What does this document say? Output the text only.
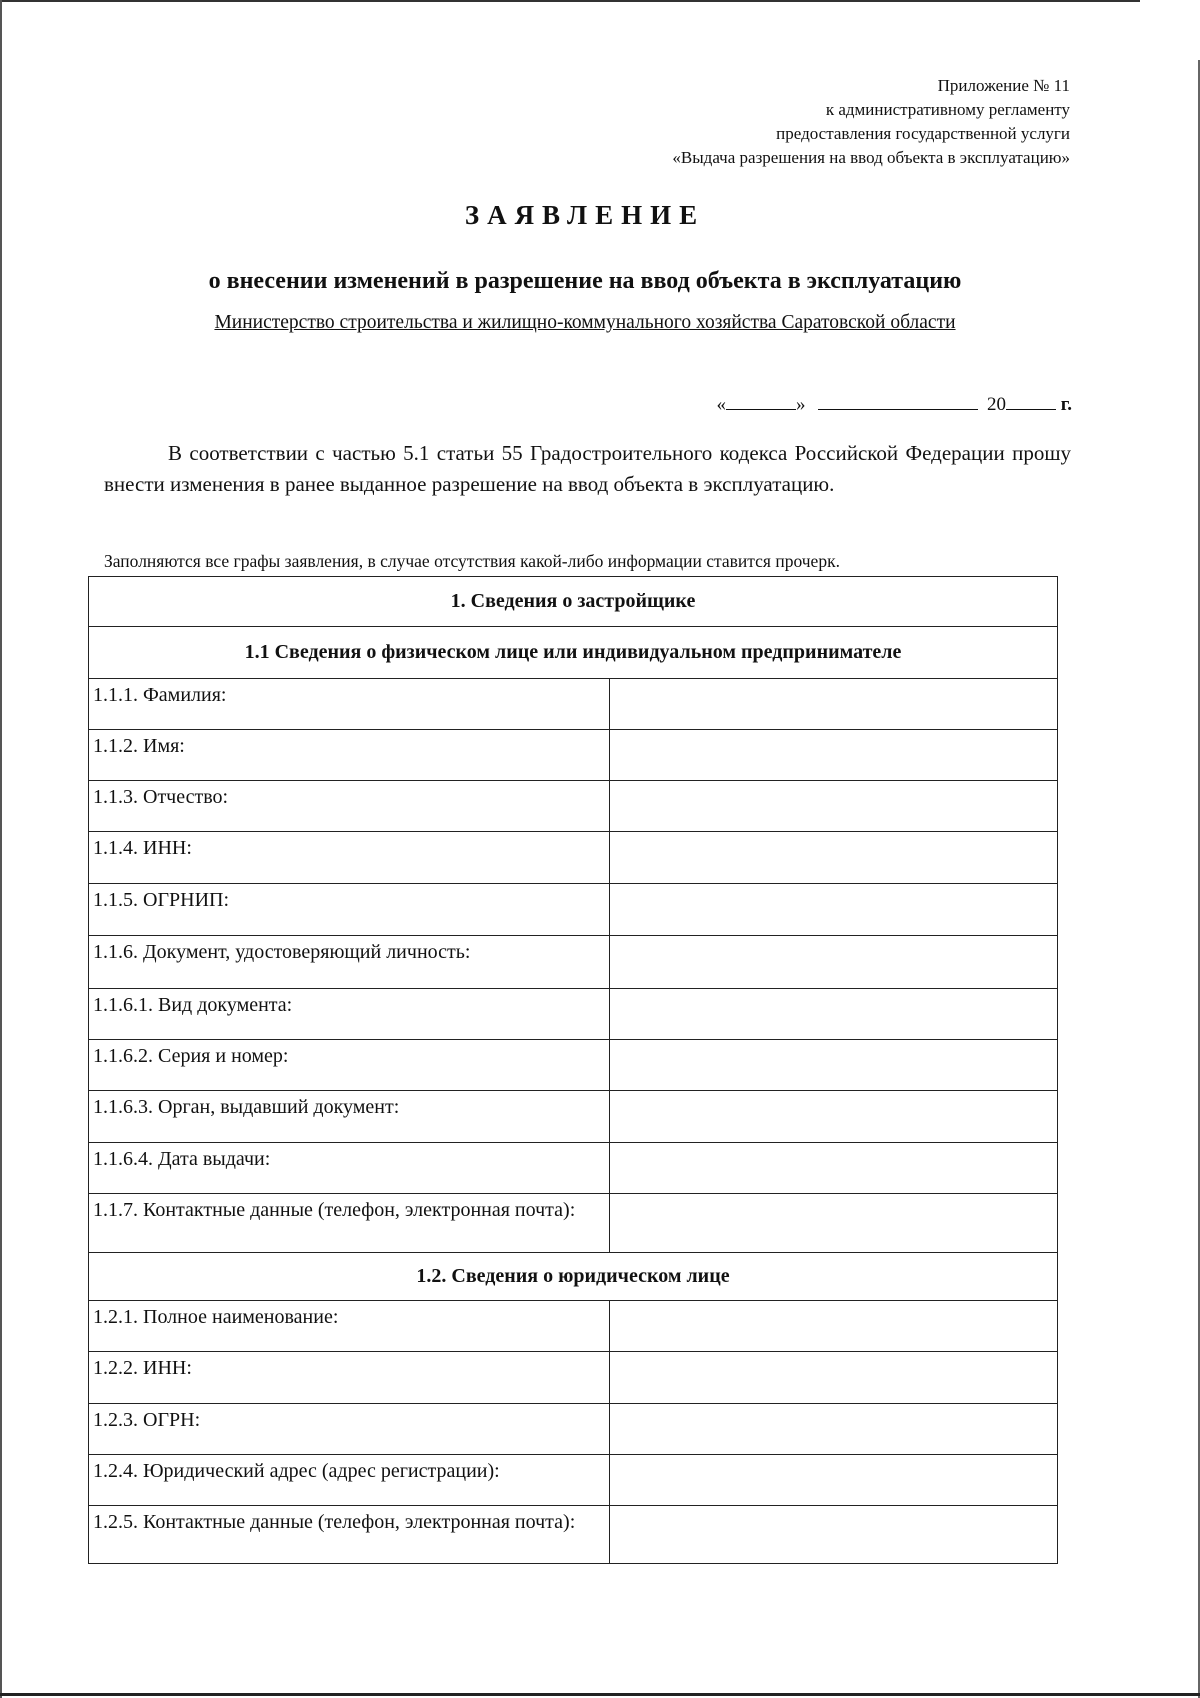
Приложение № 11
к административному регламенту
предоставления государственной услуги
«Выдача разрешения на ввод объекта в эксплуатацию»
ЗАЯВЛЕНИЕ
о внесении изменений в разрешение на ввод объекта в эксплуатацию
Министерство строительства и жилищно-коммунального хозяйства Саратовской области
«	»	20	г.
В соответствии с частью 5.1 статьи 55 Градостроительного кодекса Российской Федерации прошу внести изменения в ранее выданное разрешение на ввод объекта в эксплуатацию.
Заполняются все графы заявления, в случае отсутствия какой-либо информации ставится прочерк.
1. Сведения о застройщике	
1.1 Сведения о физическом лице или индивидуальном предпринимателе	
1.1.1. Фамилия:	
1.1.2. Имя:	
1.1.3. Отчество:	
1.1.4. ИНН:	
1.1.5. ОГРНИП:	
1.1.6. Документ, удостоверяющий личность:	
1.1.6.1. Вид документа:	
1.1.6.2. Серия и номер:	
1.1.6.3. Орган, выдавший документ:	
1.1.6.4. Дата выдачи:	
1.1.7. Контактные данные (телефон, электронная почта):	
1.2. Сведения о юридическом лице	
1.2.1. Полное наименование:	
1.2.2. ИНН:	
1.2.3. ОГРН:	
1.2.4. Юридический адрес (адрес регистрации):	
1.2.5. Контактные данные (телефон, электронная почта):	
